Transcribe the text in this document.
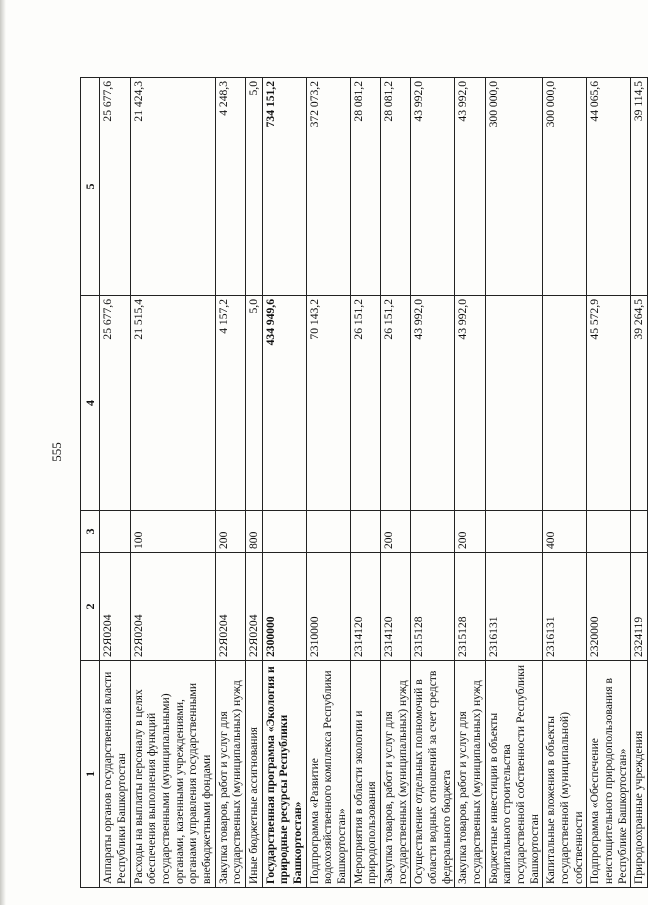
555
1	2	3	4	5
Аппараты органов государственной власти Республики Башкортостан	22Я0204		25 677,6	25 677,6
Расходы на выплаты персоналу в целях обеспечения выполнения функций государственными (муниципальными) органами, казенными учреждениями, органами управления государственными внебюджетными фондами	22Я0204	100	21 515,4	21 424,3
Закупка товаров, работ и услуг для государственных (муниципальных) нужд	22Я0204	200	4 157,2	4 248,3
Иные бюджетные ассигнования	22Я0204	800	5,0	5,0
Государственная программа «Экология и природные ресурсы Республики Башкортостан»	2300000		434 949,6	734 151,2
Подпрограмма «Развитие водохозяйственного комплекса Республики Башкортостан»	2310000		70 143,2	372 073,2
Мероприятия в области экологии и природопользования	2314120		26 151,2	28 081,2
Закупка товаров, работ и услуг для государственных (муниципальных) нужд	2314120	200	26 151,2	28 081,2
Осуществление отдельных полномочий в области водных отношений за счет средств федерального бюджета	2315128		43 992,0	43 992,0
Закупка товаров, работ и услуг для государственных (муниципальных) нужд	2315128	200	43 992,0	43 992,0
Бюджетные инвестиции в объекты капитального строительства государственной собственности Республики Башкортостан	2316131			300 000,0
Капитальные вложения в объекты государственной (муниципальной) собственности	2316131	400		300 000,0
Подпрограмма «Обеспечение неистощительного природопользования в Республике Башкортостан»	2320000		45 572,9	44 065,6
Природоохранные учреждения	2324119		39 264,5	39 114,5
